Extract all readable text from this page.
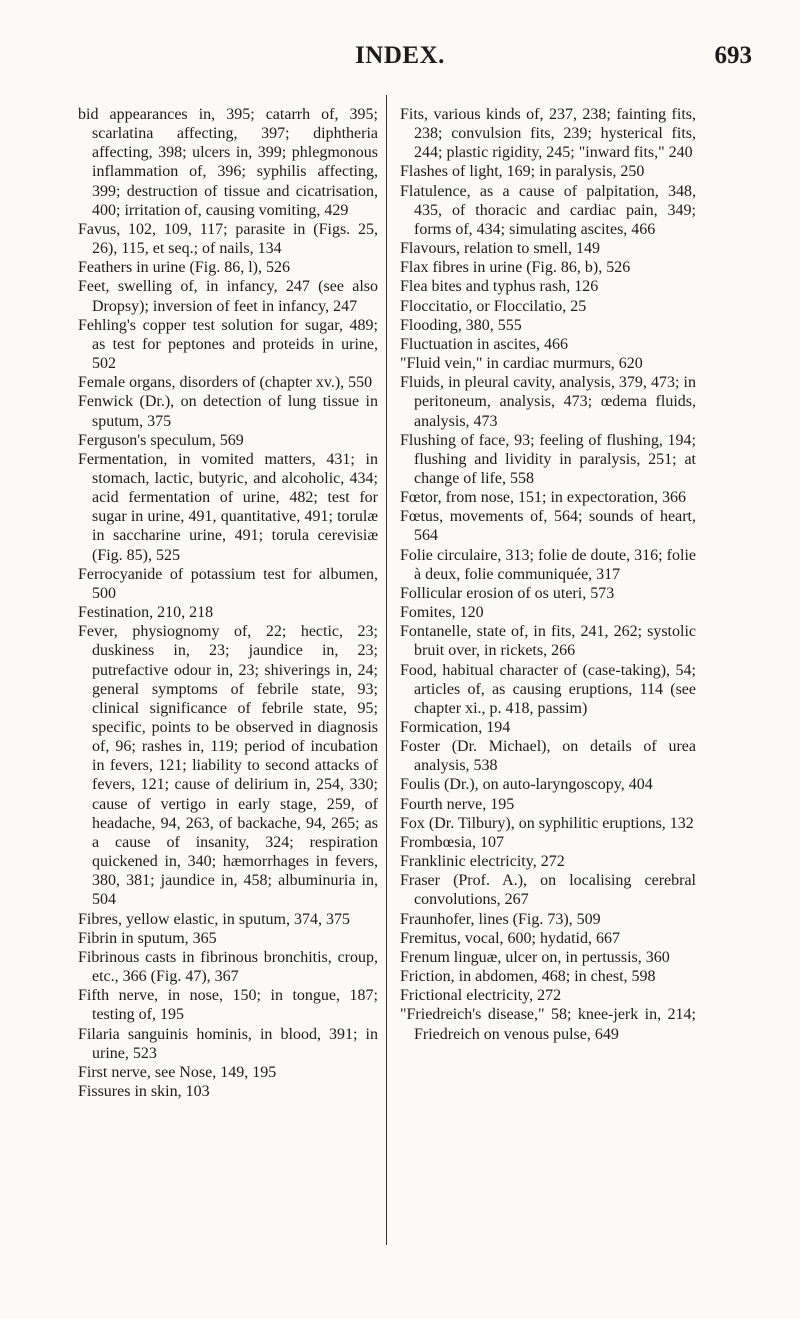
INDEX.	693

bid appearances in, 395; catarrh of, 395; scarlatina affecting, 397; diphtheria affecting, 398; ulcers in, 399; phlegmonous inflammation of, 396; syphilis affecting, 399; destruction of tissue and cicatrisation, 400; irritation of, causing vomiting, 429

Favus, 102, 109, 117; parasite in (Figs. 25, 26), 115, et seq.; of nails, 134

Feathers in urine (Fig. 86, l), 526

Feet, swelling of, in infancy, 247 (see also Dropsy); inversion of feet in infancy, 247

Fehling's copper test solution for sugar, 489; as test for peptones and proteids in urine, 502

Female organs, disorders of (chapter xv.), 550

Fenwick (Dr.), on detection of lung tissue in sputum, 375

Ferguson's speculum, 569

Fermentation, in vomited matters, 431; in stomach, lactic, butyric, and alcoholic, 434; acid fermentation of urine, 482; test for sugar in urine, 491, quantitative, 491; torulæ in saccharine urine, 491; torula cerevisiæ (Fig. 85), 525

Ferrocyanide of potassium test for albumen, 500

Festination, 210, 218

Fever, physiognomy of, 22; hectic, 23; duskiness in, 23; jaundice in, 23; putrefactive odour in, 23; shiverings in, 24; general symptoms of febrile state, 93; clinical significance of febrile state, 95; specific, points to be observed in diagnosis of, 96; rashes in, 119; period of incubation in fevers, 121; liability to second attacks of fevers, 121; cause of delirium in, 254, 330; cause of vertigo in early stage, 259, of headache, 94, 263, of backache, 94, 265; as a cause of insanity, 324; respiration quickened in, 340; hæmorrhages in fevers, 380, 381; jaundice in, 458; albuminuria in, 504

Fibres, yellow elastic, in sputum, 374, 375

Fibrin in sputum, 365

Fibrinous casts in fibrinous bronchitis, croup, etc., 366 (Fig. 47), 367

Fifth nerve, in nose, 150; in tongue, 187; testing of, 195

Filaria sanguinis hominis, in blood, 391; in urine, 523

First nerve, see Nose, 149, 195

Fissures in skin, 103

Fits, various kinds of, 237, 238; fainting fits, 238; convulsion fits, 239; hysterical fits, 244; plastic rigidity, 245; "inward fits," 240

Flashes of light, 169; in paralysis, 250

Flatulence, as a cause of palpitation, 348, 435, of thoracic and cardiac pain, 349; forms of, 434; simulating ascites, 466

Flavours, relation to smell, 149

Flax fibres in urine (Fig. 86, b), 526

Flea bites and typhus rash, 126

Floccitatio, or Floccilatio, 25

Flooding, 380, 555

Fluctuation in ascites, 466

"Fluid vein," in cardiac murmurs, 620

Fluids, in pleural cavity, analysis, 379, 473; in peritoneum, analysis, 473; œdema fluids, analysis, 473

Flushing of face, 93; feeling of flushing, 194; flushing and lividity in paralysis, 251; at change of life, 558

Fœtor, from nose, 151; in expectoration, 366

Fœtus, movements of, 564; sounds of heart, 564

Folie circulaire, 313; folie de doute, 316; folie à deux, folie communiquée, 317

Follicular erosion of os uteri, 573

Fomites, 120

Fontanelle, state of, in fits, 241, 262; systolic bruit over, in rickets, 266

Food, habitual character of (case-taking), 54; articles of, as causing eruptions, 114 (see chapter xi., p. 418, passim)

Formication, 194

Foster (Dr. Michael), on details of urea analysis, 538

Foulis (Dr.), on auto-laryngoscopy, 404

Fourth nerve, 195

Fox (Dr. Tilbury), on syphilitic eruptions, 132

Frombœsia, 107

Franklinic electricity, 272

Fraser (Prof. A.), on localising cerebral convolutions, 267

Fraunhofer, lines (Fig. 73), 509

Fremitus, vocal, 600; hydatid, 667

Frenum linguæ, ulcer on, in pertussis, 360

Friction, in abdomen, 468; in chest, 598

Frictional electricity, 272

"Friedreich's disease," 58; knee-jerk in, 214; Friedreich on venous pulse, 649
